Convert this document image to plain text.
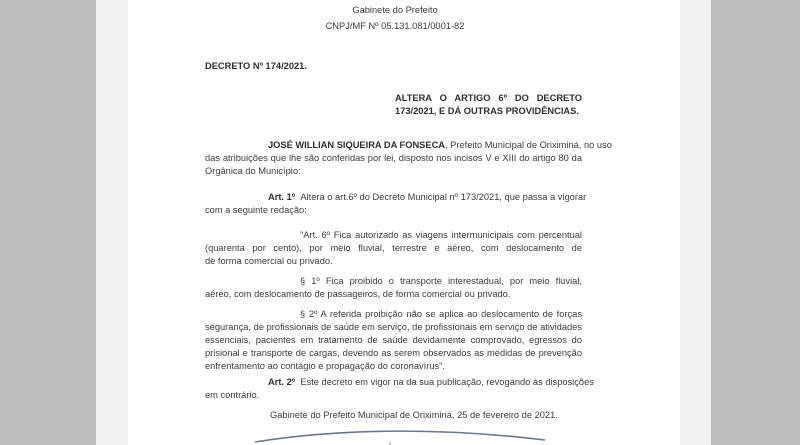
Gabinete do Prefeito
CNPJ/MF Nº 05.131.081/0001-82
DECRETO Nº 174/2021.
ALTERA O ARTIGO 6º DO DECRETO
173/2021, E DÁ OUTRAS PROVIDÊNCIAS.
JOSÉ WILLIAN SIQUEIRA DA FONSECA, Prefeito Municipal de Oriximiná, no uso
das atribuições que lhe são conferidas por lei, disposto nos incisos V e XIII do artigo 80 da
Orgânica do Município:
Art. 1º Altera o art.6º do Decreto Municipal nº 173/2021, que passa a vigorar
com a seguinte redação:
"Art. 6º Fica autorizado as viagens intermunicipais com percentual
(quarenta por cento), por meio fluvial, terrestre e aéreo, com deslocamento de
de forma comercial ou privado.
§ 1º Fica proibido o transporte interestadual, por meio fluvial,
aéreo, com deslocamento de passageiros, de forma comercial ou privado.
§ 2º A referida proibição não se aplica ao deslocamento de forças
segurança, de profissionais de saúde em serviço, de profissionais em serviço de atividades
essenciais, pacientes em tratamento de saúde devidamente comprovado, egressos do
prisional e transporte de cargas, devendo as serem observados as medidas de prevenção
enfrentamento ao contágio e propagação do coronavírus".
Art. 2º Este decreto em vigor na da sua publicação, revogando às disposições
em contrário.
Gabinete do Prefeito Municipal de Oriximiná, 25 de fevereiro de 2021.
